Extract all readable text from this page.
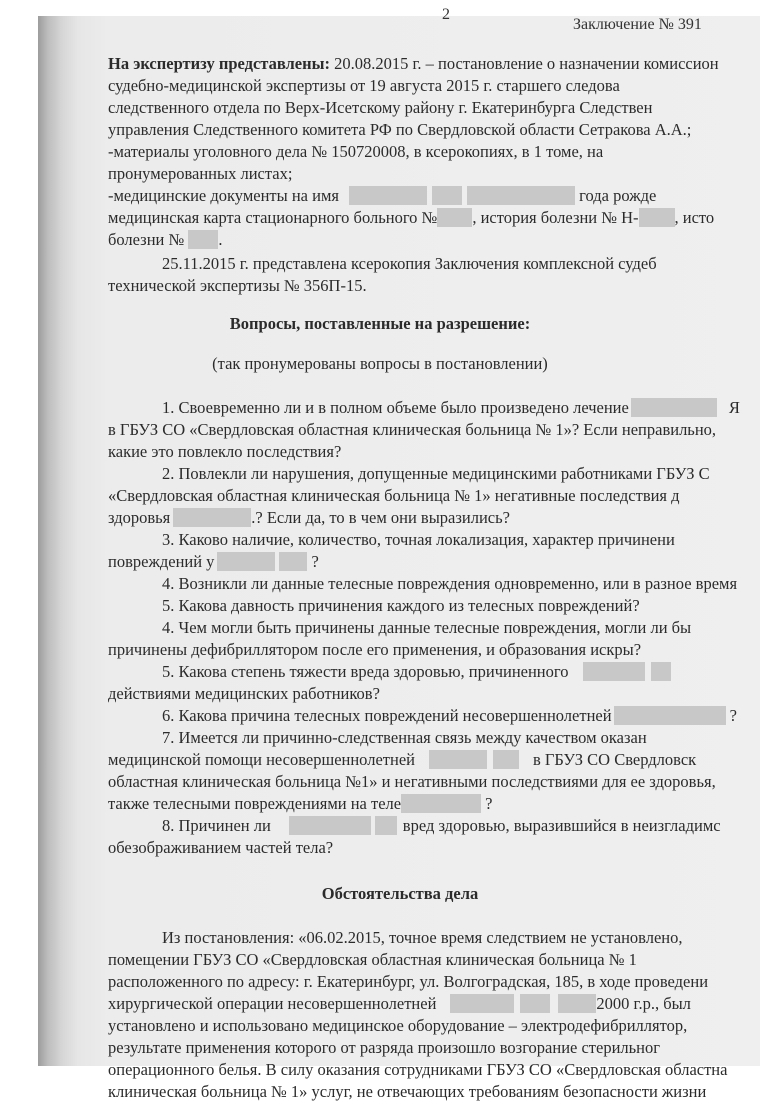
2
Заключение № 391
На экспертизу представлены: 20.08.2015 г. – постановление о назначении комиссион
судебно-медицинской экспертизы от 19 августа 2015 г. старшего следова
следственного отдела по Верх-Исетскому району г. Екатеринбурга Следствен
управления Следственного комитета РФ по Свердловской области Сетракова А.А.;
-материалы уголовного дела № 150720008, в ксерокопиях, в 1 томе, на
пронумерованных листах;
-медицинские документы на имя	года рожде
медицинская карта стационарного больного № , история болезни № Н- , исто
болезни № .
25.11.2015 г. представлена ксерокопия Заключения комплексной судеб
технической экспертизы № 356П-15.
Вопросы, поставленные на разрешение:
(так пронумерованы вопросы в постановлении)
1. Своевременно ли и в полном объеме было произведено лечение	Я
в ГБУЗ СО «Свердловская областная клиническая больница № 1»? Если неправильно,
какие это повлекло последствия?
2. Повлекли ли нарушения, допущенные медицинскими работниками ГБУЗ С
«Свердловская областная клиническая больница № 1» негативные последствия д
здоровья	.? Если да, то в чем они выразились?
3. Каково наличие, количество, точная локализация, характер причинени
повреждений у	?
4. Возникли ли данные телесные повреждения одновременно, или в разное время
5. Какова давность причинения каждого из телесных повреждений?
4. Чем могли быть причинены данные телесные повреждения, могли ли бы
причинены дефибриллятором после его применения, и образования искры?
5. Какова степень тяжести вреда здоровью, причиненного
действиями медицинских работников?
6. Какова причина телесных повреждений несовершеннолетней	?
7. Имеется ли причинно-следственная связь между качеством оказан
медицинской помощи несовершеннолетней	в ГБУЗ СО Свердловск
областная клиническая больница №1» и негативными последствиями для ее здоровья,
также телесными повреждениями на теле	?
8. Причинен ли	вред здоровью, выразившийся в неизгладимс
обезображиванием частей тела?
Обстоятельства дела
Из постановления: «06.02.2015, точное время следствием не установлено,
помещении ГБУЗ СО «Свердловская областная клиническая больница № 1
расположенного по адресу: г. Екатеринбург, ул. Волгоградская, 185, в ходе проведени
хирургической операции несовершеннолетней	2000 г.р., был
установлено и использовано медицинское оборудование – электродефибриллятор,
результате применения которого от разряда произошло возгорание стерильног
операционного белья. В силу оказания сотрудниками ГБУЗ СО «Свердловская областна
клиническая больница № 1» услуг, не отвечающих требованиям безопасности жизни
